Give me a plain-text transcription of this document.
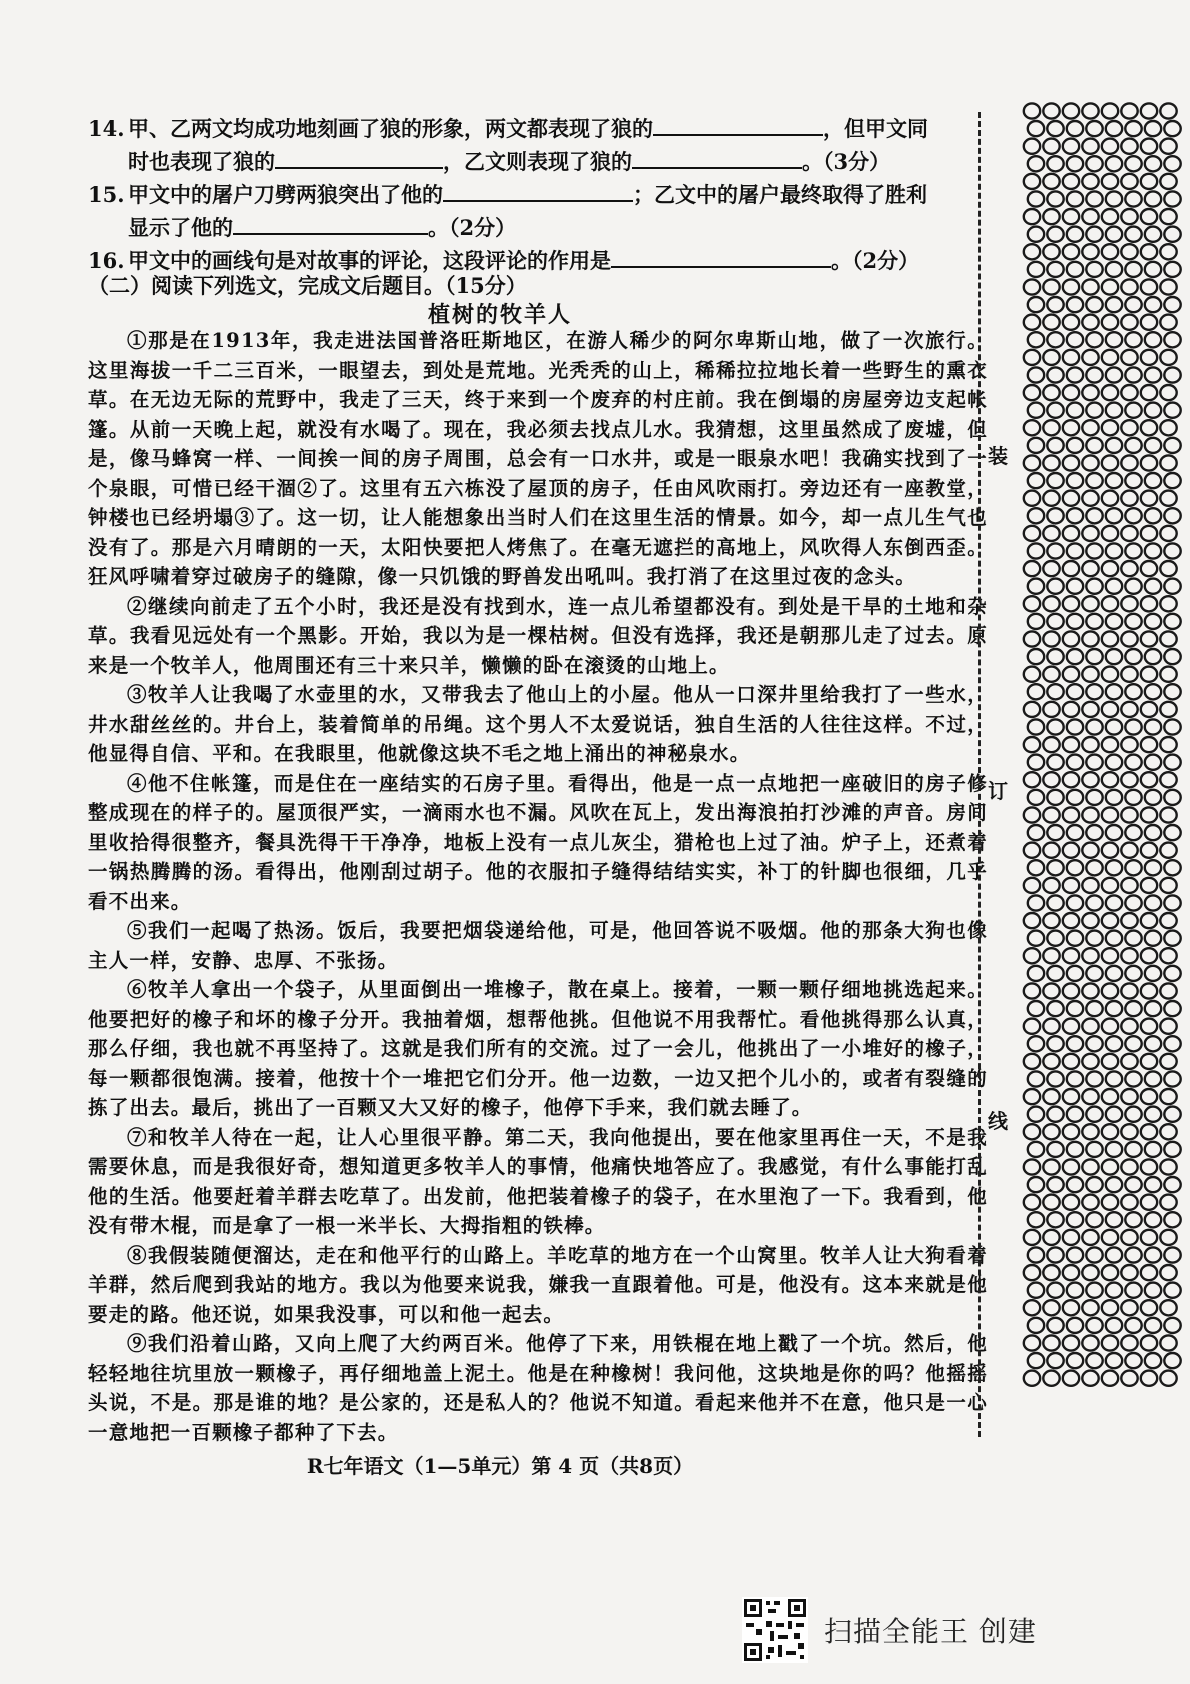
14. 甲、乙两文均成功地刻画了狼的形象，两文都表现了狼的	，但甲文同

时也表现了狼的	，乙文则表现了狼的	。（3分）

15. 甲文中的屠户刀劈两狼突出了他的	；乙文中的屠户最终取得了胜利

显示了他的	。（2分）

16. 甲文中的画线句是对故事的评论，这段评论的作用是	。（2分）

（二）阅读下列选文，完成文后题目。（15分）
植树的牧羊人

①那是在1913年，我走进法国普洛旺斯地区，在游人稀少的阿尔卑斯山地，做了一次旅行。这里海拔一千二三百米，一眼望去，到处是荒地。光秃秃的山上，稀稀拉拉地长着一些野生的熏衣草。在无边无际的荒野中，我走了三天，终于来到一个废弃的村庄前。我在倒塌的房屋旁边支起帐篷。从前一天晚上起，就没有水喝了。现在，我必须去找点儿水。我猜想，这里虽然成了废墟，但是，像马蜂窝一样、一间挨一间的房子周围，总会有一口水井，或是一眼泉水吧！我确实找到了一个泉眼，可惜已经干涸②了。这里有五六栋没了屋顶的房子，任由风吹雨打。旁边还有一座教堂，钟楼也已经坍塌③了。这一切，让人能想象出当时人们在这里生活的情景。如今，却一点儿生气也没有了。那是六月晴朗的一天，太阳快要把人烤焦了。在毫无遮拦的高地上，风吹得人东倒西歪。狂风呼啸着穿过破房子的缝隙，像一只饥饿的野兽发出吼叫。我打消了在这里过夜的念头。

②继续向前走了五个小时，我还是没有找到水，连一点儿希望都没有。到处是干旱的土地和杂草。我看见远处有一个黑影。开始，我以为是一棵枯树。但没有选择，我还是朝那儿走了过去。原来是一个牧羊人，他周围还有三十来只羊，懒懒的卧在滚烫的山地上。

③牧羊人让我喝了水壶里的水，又带我去了他山上的小屋。他从一口深井里给我打了一些水，井水甜丝丝的。井台上，装着简单的吊绳。这个男人不太爱说话，独自生活的人往往这样。不过，他显得自信、平和。在我眼里，他就像这块不毛之地上涌出的神秘泉水。

④他不住帐篷，而是住在一座结实的石房子里。看得出，他是一点一点地把一座破旧的房子修整成现在的样子的。屋顶很严实，一滴雨水也不漏。风吹在瓦上，发出海浪拍打沙滩的声音。房间里收拾得很整齐，餐具洗得干干净净，地板上没有一点儿灰尘，猎枪也上过了油。炉子上，还煮着一锅热腾腾的汤。看得出，他刚刮过胡子。他的衣服扣子缝得结结实实，补丁的针脚也很细，几乎看不出来。

⑤我们一起喝了热汤。饭后，我要把烟袋递给他，可是，他回答说不吸烟。他的那条大狗也像主人一样，安静、忠厚、不张扬。

⑥牧羊人拿出一个袋子，从里面倒出一堆橡子，散在桌上。接着，一颗一颗仔细地挑选起来。他要把好的橡子和坏的橡子分开。我抽着烟，想帮他挑。但他说不用我帮忙。看他挑得那么认真，那么仔细，我也就不再坚持了。这就是我们所有的交流。过了一会儿，他挑出了一小堆好的橡子，每一颗都很饱满。接着，他按十个一堆把它们分开。他一边数，一边又把个儿小的，或者有裂缝的拣了出去。最后，挑出了一百颗又大又好的橡子，他停下手来，我们就去睡了。

⑦和牧羊人待在一起，让人心里很平静。第二天，我向他提出，要在他家里再住一天，不是我需要休息，而是我很好奇，想知道更多牧羊人的事情，他痛快地答应了。我感觉，有什么事能打乱他的生活。他要赶着羊群去吃草了。出发前，他把装着橡子的袋子，在水里泡了一下。我看到，他没有带木棍，而是拿了一根一米半长、大拇指粗的铁棒。

⑧我假装随便溜达，走在和他平行的山路上。羊吃草的地方在一个山窝里。牧羊人让大狗看着羊群，然后爬到我站的地方。我以为他要来说我，嫌我一直跟着他。可是，他没有。这本来就是他要走的路。他还说，如果我没事，可以和他一起去。

⑨我们沿着山路，又向上爬了大约两百米。他停了下来，用铁棍在地上戳了一个坑。然后，他轻轻地往坑里放一颗橡子，再仔细地盖上泥土。他是在种橡树！我问他，这块地是你的吗？他摇摇头说，不是。那是谁的地？是公家的，还是私人的？他说不知道。看起来他并不在意，他只是一心一意地把一百颗橡子都种了下去。

R七年语文（1—5单元）第 4 页（共8页）
装
订
线
扫描全能王 创建
